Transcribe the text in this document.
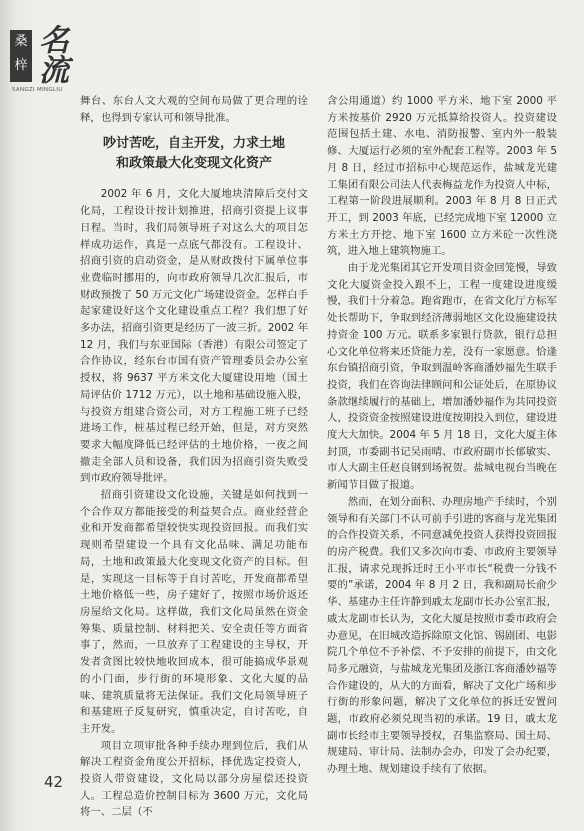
桑
梓 名流
SANGZI MINGLIU

舞台、东台人文大观的空间布局做了更合理的诠释，也得到专家认可和领导批准。

吵讨苦吃，自主开发，力求土地
和政策最大化变现文化资产

2002 年 6 月，文化大厦地块清障后交付文化局，工程设计按计划推进，招商引资提上议事日程。当时，我们局领导班子对这么大的项目怎样成功运作，真是一点底气都没有。工程设计、招商引资的启动资金，是从财政拨付下属单位事业费临时挪用的，向市政府领导几次汇报后，市财政预拨了 50 万元文化广场建设资金。怎样白手起家建设好这个文化建设重点工程？我们想了好多办法，招商引资更是经历了一波三折。2002 年 12 月，我们与东亚国际（香港）有限公司签定了合作协议，经东台市国有资产管理委员会办公室授权，将 9637 平方米文化大厦建设用地（国土局评估价 1712 万元），以土地和基础设施入股，与投资方组建合资公司，对方工程施工班子已经进场工作，桩基过程已经开始，但是，对方突然要求大幅度降低已经评估的土地价格，一夜之间撤走全部人员和设备，我们因为招商引资失败受到市政府领导批评。

招商引资建设文化设施，关键是如何找到一个合作双方都能接受的利益契合点。商业经营企业和开发商都希望较快实现投资回报。而我们实现则希望建设一个具有文化品味、满足功能布局，土地和政策最大化变现文化资产的目标。但是，实现这一目标等于自讨苦吃，开发商都希望土地价格低一些，房子建好了，按照市场价返还房屋给文化局。这样做，我们文化局虽然在资金筹集、质量控制、材料把关、安全责任等方面省事了，然而，一旦放弃了工程建设的主导权，开发者贪图比较快地收回成本，很可能搞成华景观的小门面，步行街的环境形象、文化大厦的品味、建筑质量将无法保证。我们文化局领导班子和基建班子反复研究，慎重决定，自讨苦吃，自主开发。

项目立项审批各种手续办理到位后，我们从解决工程资金角度公开招标，择优选定投资人，投资人带资建设，文化局以部分房屋偿还投资人。工程总造价控制目标为 3600 万元，文化局将一、二层（不

含公用通道）约 1000 平方米、地下室 2000 平方米按基价 2920 万元抵算给投资人。投资建设范围包括土建、水电、消防报警、室内外一般装修、大厦运行必须的室外配套工程等。2003 年 5 月 8 日，经过市招标中心规范运作，盐城龙光建工集团有限公司法人代表梅益龙作为投资人中标，工程第一阶段进展顺利。2003 年 8 月 8 日正式开工，到 2003 年底，已经完成地下室 12000 立方米土方开挖、地下室 1600 立方米砼一次性浇筑，进入地上建筑物施工。

由于龙光集团其它开发项目资金回笼慢，导致文化大厦资金投入跟不上，工程一度建设进度缓慢，我们十分着急。跑省跑市，在省文化厅方标军处长帮助下，争取到经济薄弱地区文化设施建设扶持资金 100 万元。联系多家银行贷款，银行总担心文化单位将来还贷能力差，没有一家愿意。恰逢东台镇招商引资，争取到温岭客商潘妙福先生联手投资，我们在咨询法律顾问和公证处后，在原协议条款继续履行的基础上，增加潘妙福作为共同投资人，投资资金按照建设进度按期投入到位，建设进度大大加快。2004 年 5 月 18 日，文化大厦主体封顶，市委副书记吴雨晴、市政府副市长郁敏实、市人大副主任赵良钢到场祝贺。盐城电视台当晚在新闻节目做了报道。

然而，在划分面积、办理房地产手续时，个别领导和有关部门不认可前手引进的客商与龙光集团的合作投资关系，不同意减免投资人获得投资回报的房产税费。我们又多次向市委、市政府主要领导汇报，请求兑现拆迁时王小平市长“税费一分钱不要的”承诺，2004 年 8 月 2 日，我和副局长俞少华、基建办主任许静到戚太龙副市长办公室汇报，戚太龙副市长认为，文化大厦是按照市委市政府会办意见，在旧城改造拆除原文化馆、锡剧团、电影院几个单位不予补偿、不予安排的前提下，由文化局多元融资，与盐城龙光集团及浙江客商潘妙福等合作建设的，从大的方面看，解决了文化广场和步行街的形象问题，解决了文化单位的拆迁安置问题，市政府必须兑现当初的承诺。19 日，戚太龙副市长经市主要领导授权，召集监察局、国土局、规建局、审计局、法制办会办，印发了会办纪要，办理土地、规划建设手续有了依据。

42
